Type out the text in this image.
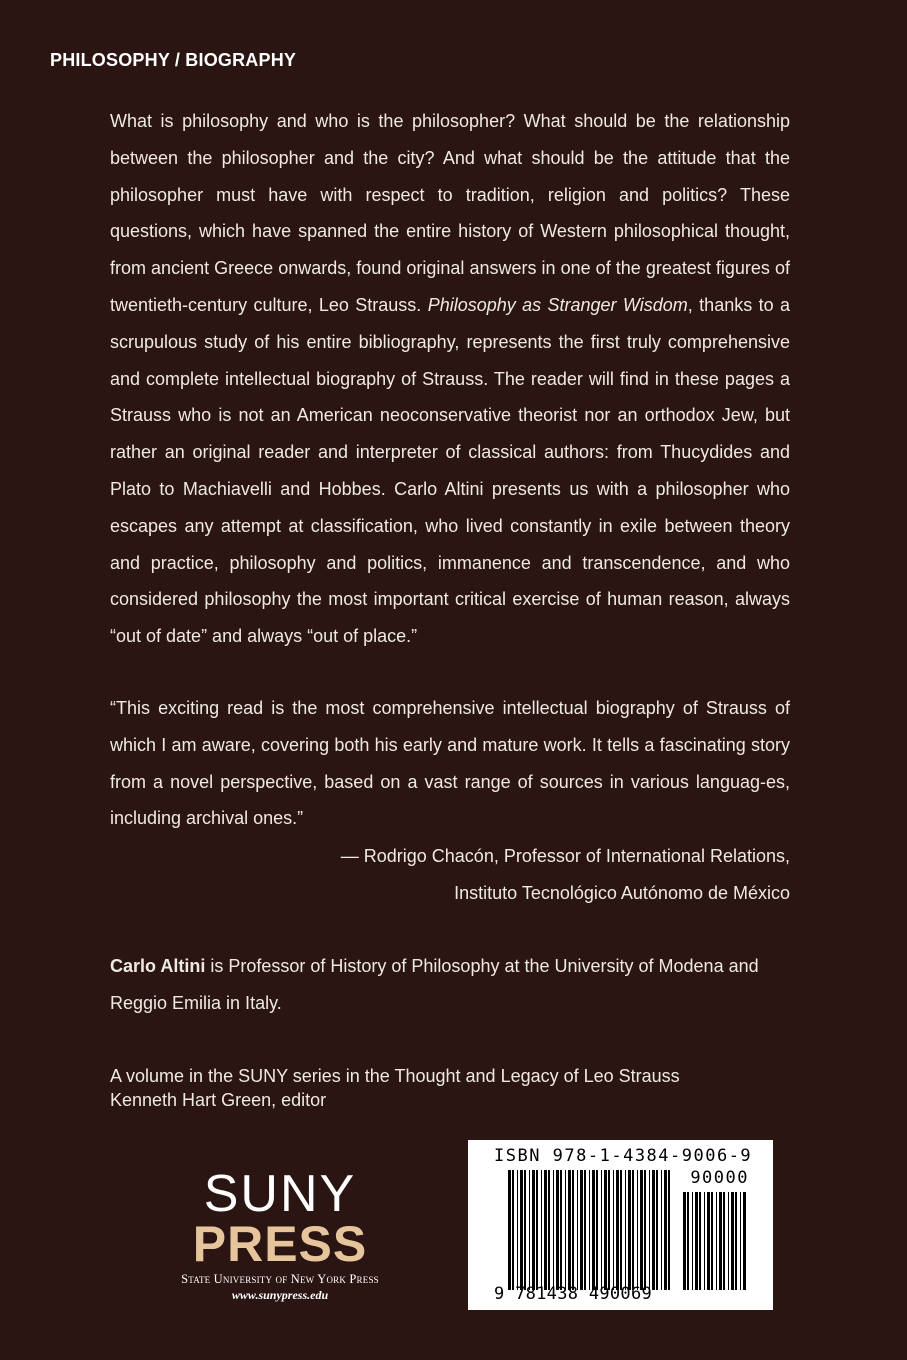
PHILOSOPHY / BIOGRAPHY
What is philosophy and who is the philosopher? What should be the relationship between the philosopher and the city? And what should be the attitude that the philosopher must have with respect to tradition, religion and politics? These questions, which have spanned the entire history of Western philosophical thought, from ancient Greece onwards, found original answers in one of the greatest figures of twentieth-century culture, Leo Strauss. Philosophy as Stranger Wisdom, thanks to a scrupulous study of his entire bibliography, represents the first truly comprehensive and complete intellectual biography of Strauss. The reader will find in these pages a Strauss who is not an American neoconservative theorist nor an orthodox Jew, but rather an original reader and interpreter of classical authors: from Thucydides and Plato to Machiavelli and Hobbes. Carlo Altini presents us with a philosopher who escapes any attempt at classification, who lived constantly in exile between theory and practice, philosophy and politics, immanence and transcendence, and who considered philosophy the most important critical exercise of human reason, always “out of date” and always “out of place.”
“This exciting read is the most comprehensive intellectual biography of Strauss of which I am aware, covering both his early and mature work. It tells a fascinating story from a novel perspective, based on a vast range of sources in various languag-es, including archival ones.”
— Rodrigo Chacón, Professor of International Relations,
Instituto Tecnológico Autónomo de México
Carlo Altini is Professor of History of Philosophy at the University of Modena and Reggio Emilia in Italy.
A volume in the SUNY series in the Thought and Legacy of Leo Strauss
Kenneth Hart Green, editor
SUNY
PRESS
State University of New York Press
www.sunypress.edu
ISBN 978-1-4384-9006-9
90000
9 781438 490069
